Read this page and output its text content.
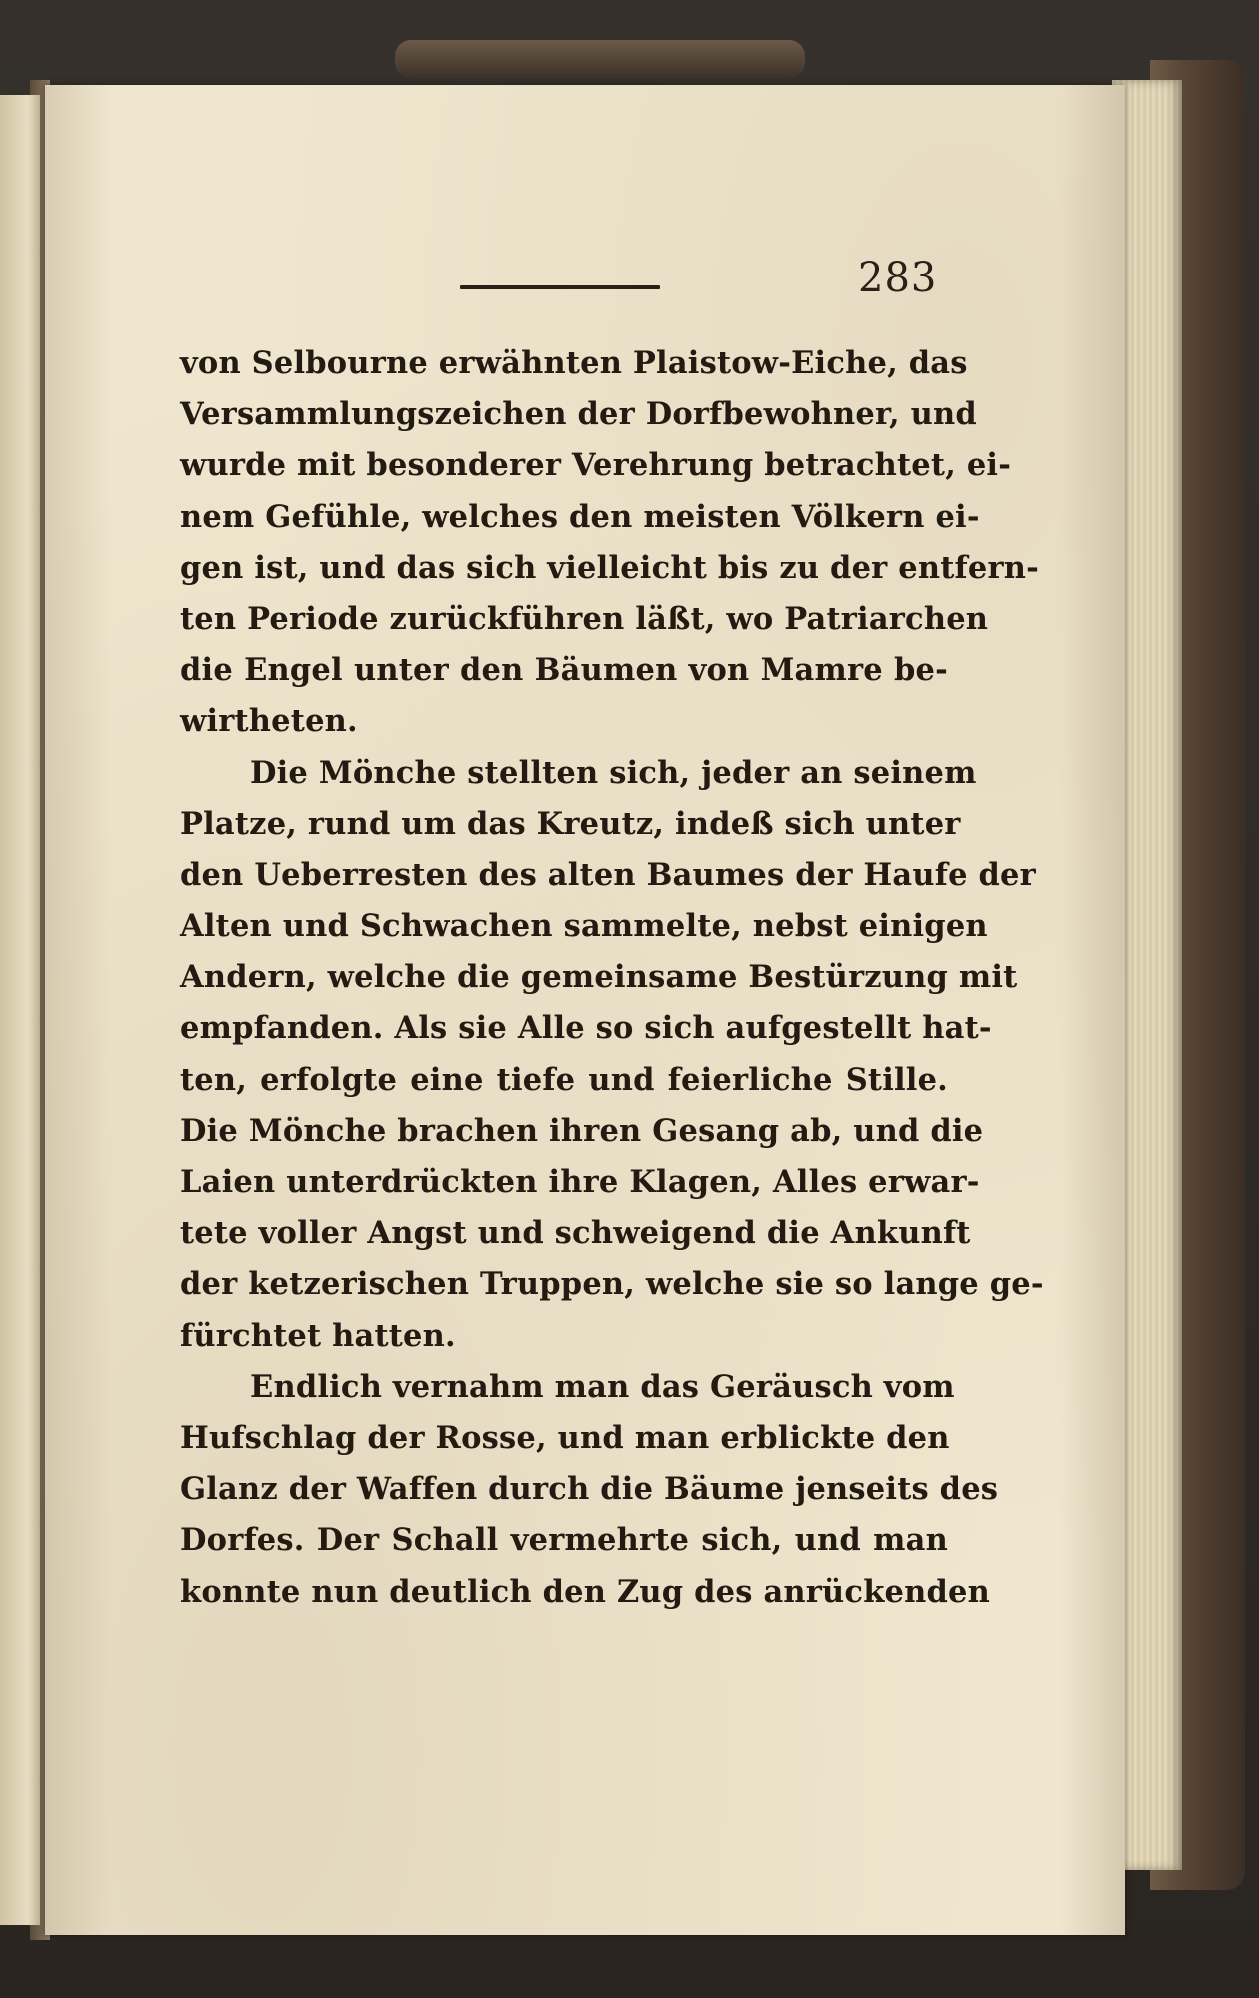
283

von Selbourne erwähnten Plaistow-Eiche, das
Versammlungszeichen der Dorfbewohner, und
wurde mit besonderer Verehrung betrachtet, ei-
nem Gefühle, welches den meisten Völkern ei-
gen ist, und das sich vielleicht bis zu der entfern-
ten Periode zurückführen läßt, wo Patriarchen
die Engel unter den Bäumen von Mamre be-
wirtheten.

Die Mönche stellten sich, jeder an seinem
Platze, rund um das Kreutz, indeß sich unter
den Ueberresten des alten Baumes der Haufe der
Alten und Schwachen sammelte, nebst einigen
Andern, welche die gemeinsame Bestürzung mit
empfanden. Als sie Alle so sich aufgestellt hat-
ten, erfolgte eine tiefe und feierliche Stille.
Die Mönche brachen ihren Gesang ab, und die
Laien unterdrückten ihre Klagen, Alles erwar-
tete voller Angst und schweigend die Ankunft
der ketzerischen Truppen, welche sie so lange ge-
fürchtet hatten.

Endlich vernahm man das Geräusch vom
Hufschlag der Rosse, und man erblickte den
Glanz der Waffen durch die Bäume jenseits des
Dorfes. Der Schall vermehrte sich, und man
konnte nun deutlich den Zug des anrückenden
